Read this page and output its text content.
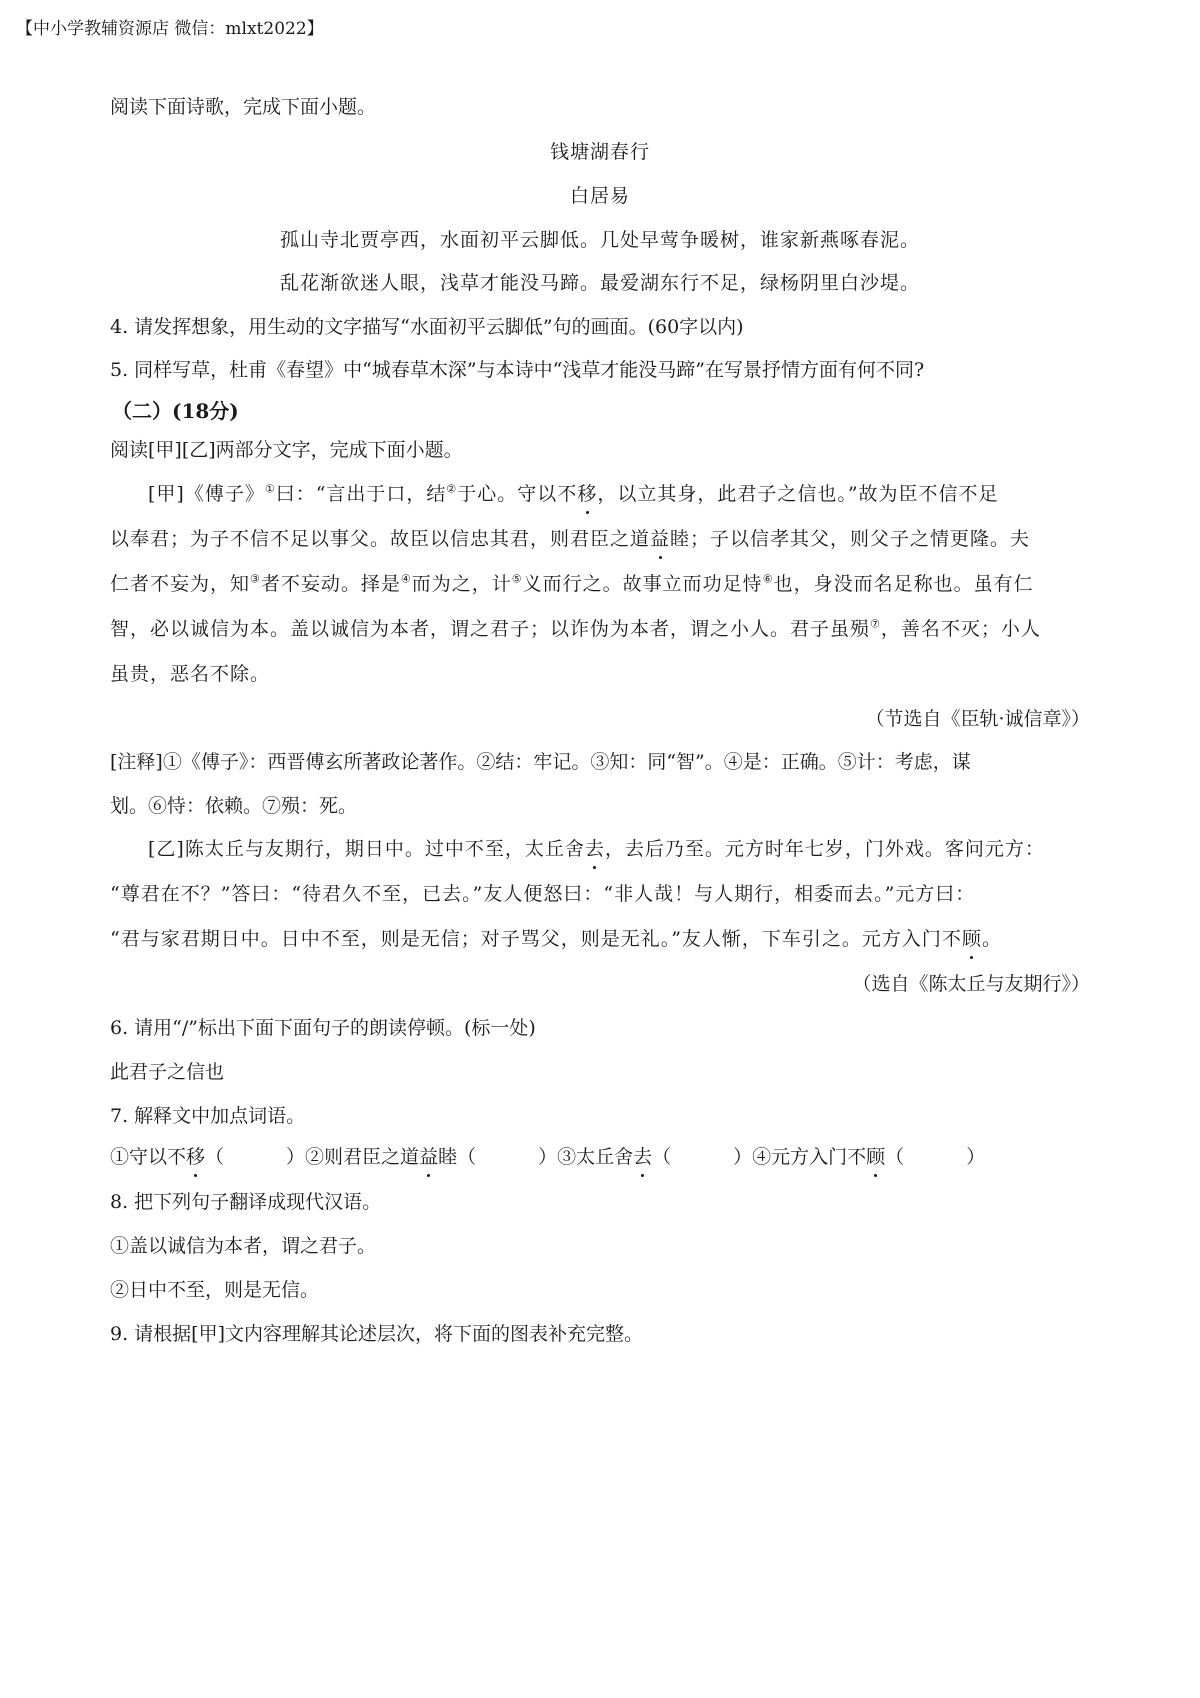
【中小学教辅资源店 微信：mlxt2022】
阅读下面诗歌，完成下面小题。
钱塘湖春行
白居易
孤山寺北贾亭西，水面初平云脚低。几处早莺争暖树，谁家新燕啄春泥。
乱花渐欲迷人眼，浅草才能没马蹄。最爱湖东行不足，绿杨阴里白沙堤。
4. 请发挥想象，用生动的文字描写“水面初平云脚低”句的画面。(60字以内)
5. 同样写草，杜甫《春望》中“城春草木深”与本诗中“浅草才能没马蹄”在写景抒情方面有何不同?
（二）(18分)
阅读[甲][乙]两部分文字，完成下面小题。
[甲]《傅子》①曰：“言出于口，结②于心。守以不移，以立其身，此君子之信也。”故为臣不信不足
以奉君；为子不信不足以事父。故臣以信忠其君，则君臣之道益睦；子以信孝其父，则父子之情更隆。夫
仁者不妄为，知③者不妄动。择是④而为之，计⑤义而行之。故事立而功足恃⑥也，身没而名足称也。虽有仁
智，必以诚信为本。盖以诚信为本者，谓之君子；以诈伪为本者，谓之小人。君子虽殒⑦，善名不灭；小人
虽贵，恶名不除。
（节选自《臣轨·诚信章》）
[注释]①《傅子》：西晋傅玄所著政论著作。②结：牢记。③知：同“智”。④是：正确。⑤计：考虑，谋
划。⑥恃：依赖。⑦殒：死。
[乙]陈太丘与友期行，期日中。过中不至，太丘舍去，去后乃至。元方时年七岁，门外戏。客问元方：
“尊君在不？”答曰：“待君久不至，已去。”友人便怒曰：“非人哉！与人期行，相委而去。”元方曰：
“君与家君期日中。日中不至，则是无信；对子骂父，则是无礼。”友人惭，下车引之。元方入门不顾。
（选自《陈太丘与友期行》）
6. 请用“/”标出下面下面句子的朗读停顿。(标一处)
此君子之信也
7. 解释文中加点词语。
①守以不移（	）②则君臣之道益睦（	）③太丘舍去（	）④元方入门不顾（	）
8. 把下列句子翻译成现代汉语。
①盖以诚信为本者，谓之君子。
②日中不至，则是无信。
9. 请根据[甲]文内容理解其论述层次，将下面的图表补充完整。
